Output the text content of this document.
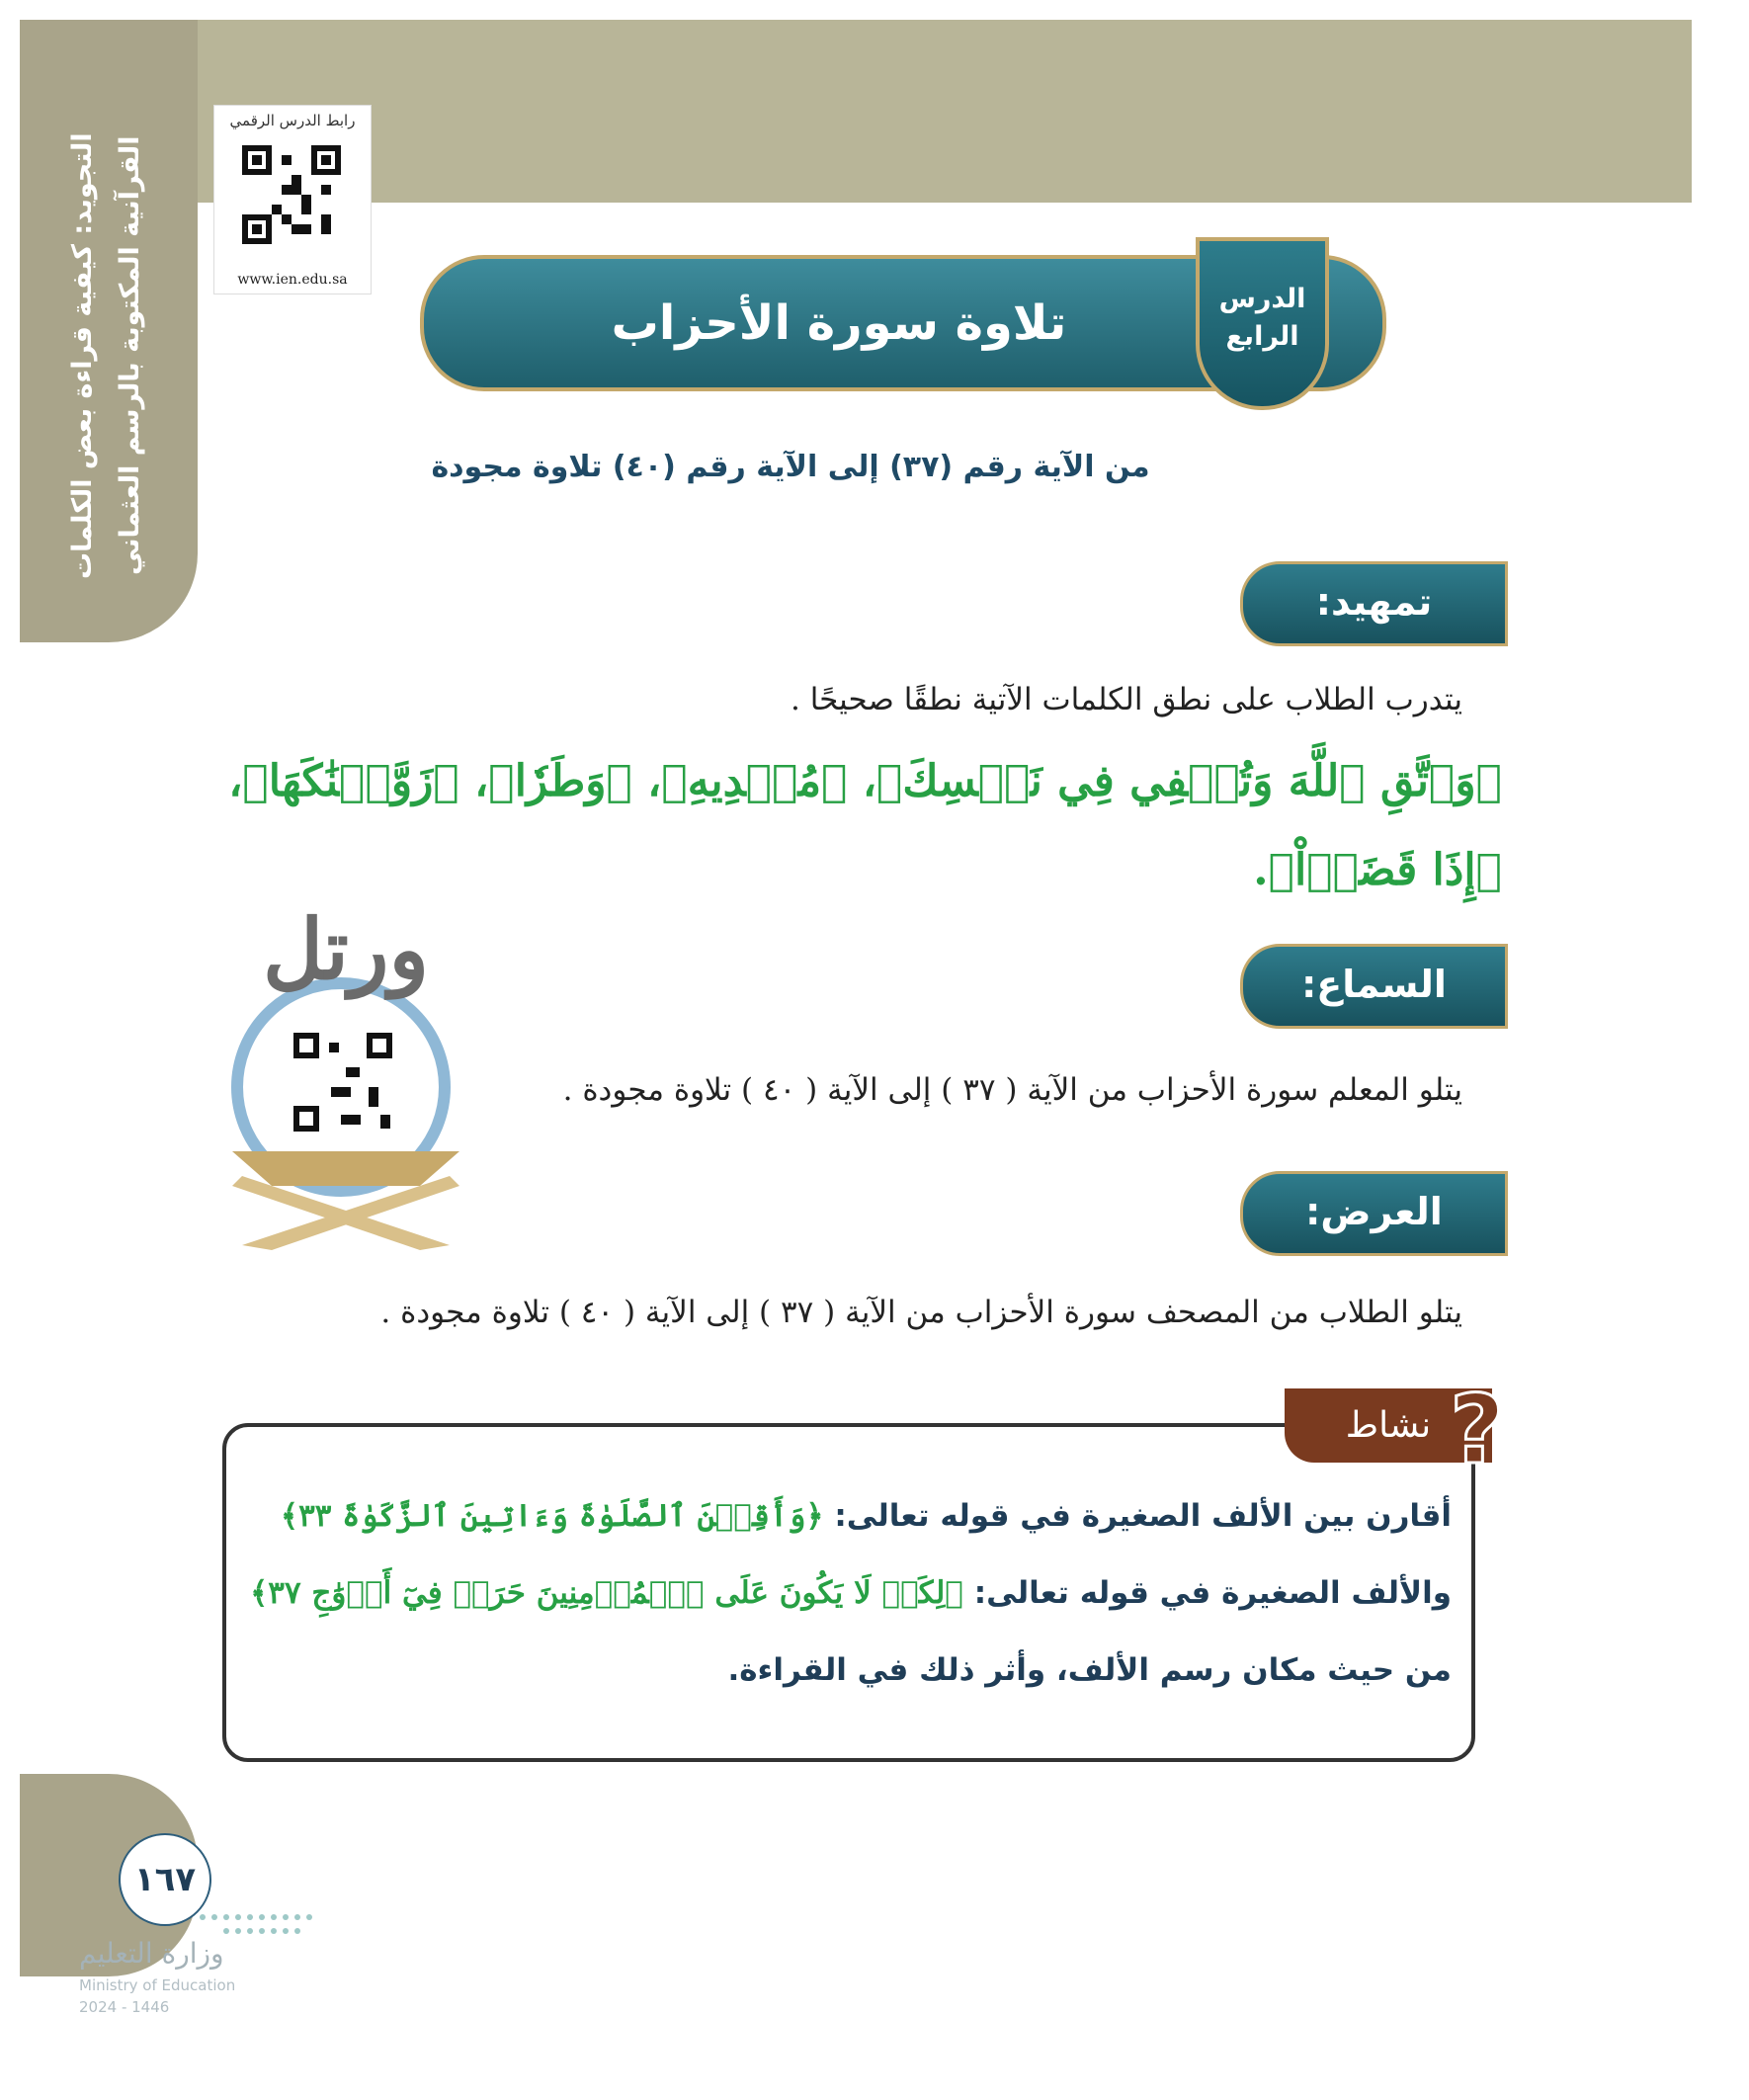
التجويد: كيفية قراءة بعض الكلمات القرآنية المكتوبة بالرسم العثماني
رابط الدرس الرقمي
www.ien.edu.sa
تلاوة سورة الأحزاب	الدرس
الرابع
من الآية رقم (٣٧) إلى الآية رقم (٤٠) تلاوة مجودة
تمهيد:
يتدرب الطلاب على نطق الكلمات الآتية نطقًا صحيحًا .
﴿وَٱتَّقِ ٱللَّهَ وَتُخۡفِي فِي نَفۡسِكَ﴾، ﴿مُبۡدِيهِ﴾، ﴿وَطَرٗا﴾، ﴿زَوَّجۡنَٰكَهَا﴾،
﴿إِذَا قَضَوۡاْ﴾.
ورتل	السماع:
يتلو المعلم سورة الأحزاب من الآية ( ٣٧ ) إلى الآية ( ٤٠ ) تلاوة مجودة .
العرض:
يتلو الطلاب من المصحف سورة الأحزاب من الآية ( ٣٧ ) إلى الآية ( ٤٠ ) تلاوة مجودة .
أقارن بين الألف الصغيرة في قوله تعالى: ﴿وَأَقِمۡنَ ٱلصَّلَوٰةَ وَءَاتِينَ ٱلزَّكَوٰةَ ٣٣﴾
والألف الصغيرة في قوله تعالى: ﴿لِكَيۡ لَا يَكُونَ عَلَى ٱلۡمُؤۡمِنِينَ حَرَجٞ فِيٓ أَزۡوَٰجِ ٣٧﴾
من حيث مكان رسم الألف، وأثر ذلك في القراءة.
نشاط ?
١٦٧
وزارة التعليم
Ministry of Education
2024 - 1446
